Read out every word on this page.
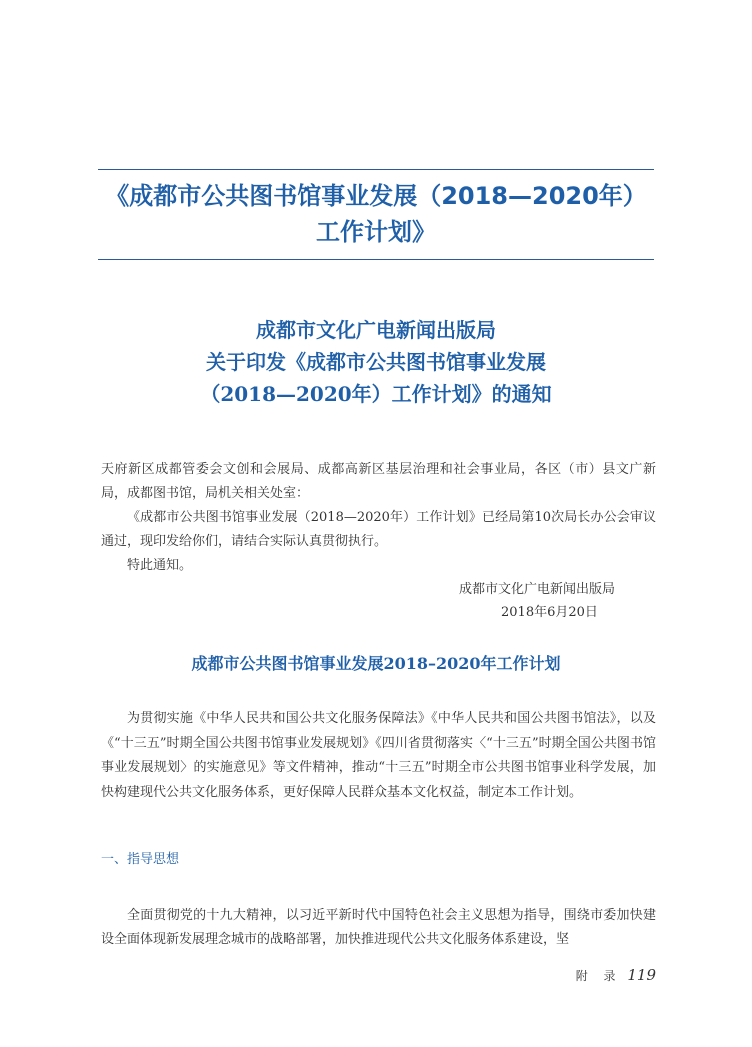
《成都市公共图书馆事业发展（2018—2020年）
工作计划》
成都市文化广电新闻出版局
关于印发《成都市公共图书馆事业发展
（2018—2020年）工作计划》的通知
天府新区成都管委会文创和会展局、成都高新区基层治理和社会事业局，各区（市）县文广新局，成都图书馆，局机关相关处室：
《成都市公共图书馆事业发展（2018—2020年）工作计划》已经局第10次局长办公会审议通过，现印发给你们，请结合实际认真贯彻执行。
特此通知。
成都市文化广电新闻出版局
2018年6月20日
成都市公共图书馆事业发展2018–2020年工作计划
为贯彻实施《中华人民共和国公共文化服务保障法》《中华人民共和国公共图书馆法》，以及《“十三五”时期全国公共图书馆事业发展规划》《四川省贯彻落实〈“十三五”时期全国公共图书馆事业发展规划〉的实施意见》等文件精神，推动“十三五”时期全市公共图书馆事业科学发展，加快构建现代公共文化服务体系，更好保障人民群众基本文化权益，制定本工作计划。
一、指导思想
全面贯彻党的十九大精神，以习近平新时代中国特色社会主义思想为指导，围绕市委加快建设全面体现新发展理念城市的战略部署，加快推进现代公共文化服务体系建设，坚
附 录 119
